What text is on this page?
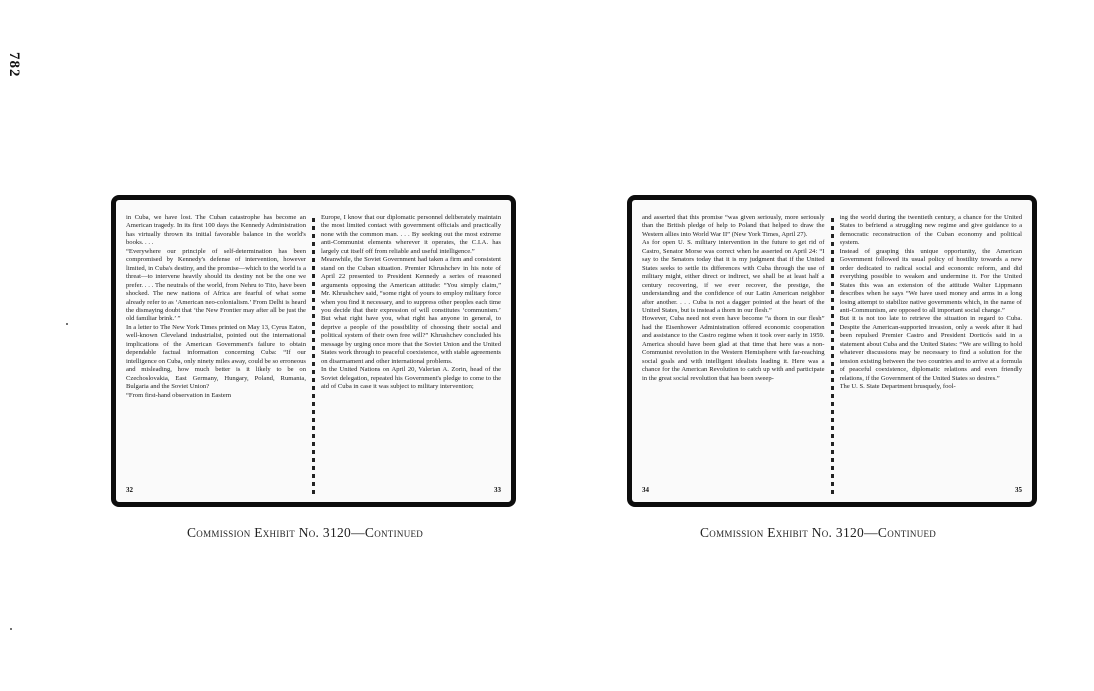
782

in Cuba, we have lost. The Cuban catastrophe has become an American tragedy. In its first 100 days the Kennedy Administration has virtually thrown its initial favorable balance in the world's books. . . .
“Everywhere our principle of self-determination has been compromised by Kennedy's defense of intervention, however limited, in Cuba's destiny, and the promise—which to the world is a threat—to intervene heavily should its destiny not be the one we prefer. . . . The neutrals of the world, from Nehru to Tito, have been shocked. The new nations of Africa are fearful of what some already refer to as ‘American neo-colonialism.’ From Delhi is heard the dismaying doubt that ‘the New Frontier may after all be just the old familiar brink.’ ”
In a letter to The New York Times printed on May 13, Cyrus Eaton, well-known Cleveland industrialist, pointed out the international implications of the American Government's failure to obtain dependable factual information concerning Cuba: “If our intelligence on Cuba, only ninety miles away, could be so erroneous and misleading, how much better is it likely to be on Czechoslovakia, East Germany, Hungary, Poland, Rumania, Bulgaria and the Soviet Union?
“From first-hand observation in Eastern

32

Europe, I know that our diplomatic personnel deliberately maintain the most limited contact with government officials and practically none with the common man. . . . By seeking out the most extreme anti-Communist elements wherever it operates, the C.I.A. has largely cut itself off from reliable and useful intelligence.”
Meanwhile, the Soviet Government had taken a firm and consistent stand on the Cuban situation. Premier Khrushchev in his note of April 22 presented to President Kennedy a series of reasoned arguments opposing the American attitude: “You simply claim,” Mr. Khrushchev said, “some right of yours to employ military force when you find it necessary, and to suppress other peoples each time you decide that their expression of will constitutes ‘communism.’ But what right have you, what right has anyone in general, to deprive a people of the possibility of choosing their social and political system of their own free will?” Khrushchev concluded his message by urging once more that the Soviet Union and the United States work through to peaceful coexistence, with stable agreements on disarmament and other international problems.
In the United Nations on April 20, Valerian A. Zorin, head of the Soviet delegation, repeated his Government's pledge to come to the aid of Cuba in case it was subject to military intervention;

33
Commission Exhibit No. 3120—Continued

and asserted that this promise “was given seriously, more seriously than the British pledge of help to Poland that helped to draw the Western allies into World War II” (New York Times, April 27).
As for open U. S. military intervention in the future to get rid of Castro, Senator Morse was correct when he asserted on April 24: “I say to the Senators today that it is my judgment that if the United States seeks to settle its differences with Cuba through the use of military might, either direct or indirect, we shall be at least half a century recovering, if we ever recover, the prestige, the understanding and the confidence of our Latin American neighbor after another. . . . Cuba is not a dagger pointed at the heart of the United States, but is instead a thorn in our flesh.”
However, Cuba need not even have become “a thorn in our flesh” had the Eisenhower Administration offered economic cooperation and assistance to the Castro regime when it took over early in 1959. America should have been glad at that time that here was a non-Communist revolution in the Western Hemisphere with far-reaching social goals and with intelligent idealists leading it. Here was a chance for the American Revolution to catch up with and participate in the great social revolution that has been sweep-

34

ing the world during the twentieth century, a chance for the United States to befriend a struggling new regime and give guidance to a democratic reconstruction of the Cuban economy and political system.
Instead of grasping this unique opportunity, the American Government followed its usual policy of hostility towards a new order dedicated to radical social and economic reform, and did everything possible to weaken and undermine it. For the United States this was an extension of the attitude Walter Lippmann describes when he says “We have used money and arms in a long losing attempt to stabilize native governments which, in the name of anti-Communism, are opposed to all important social change.”
But it is not too late to retrieve the situation in regard to Cuba. Despite the American-supported invasion, only a week after it had been repulsed Premier Castro and President Dorticós said in a statement about Cuba and the United States: “We are willing to hold whatever discussions may be necessary to find a solution for the tension existing between the two countries and to arrive at a formula of peaceful coexistence, diplomatic relations and even friendly relations, if the Government of the United States so desires.”
The U. S. State Department brusquely, fool-

35
Commission Exhibit No. 3120—Continued
